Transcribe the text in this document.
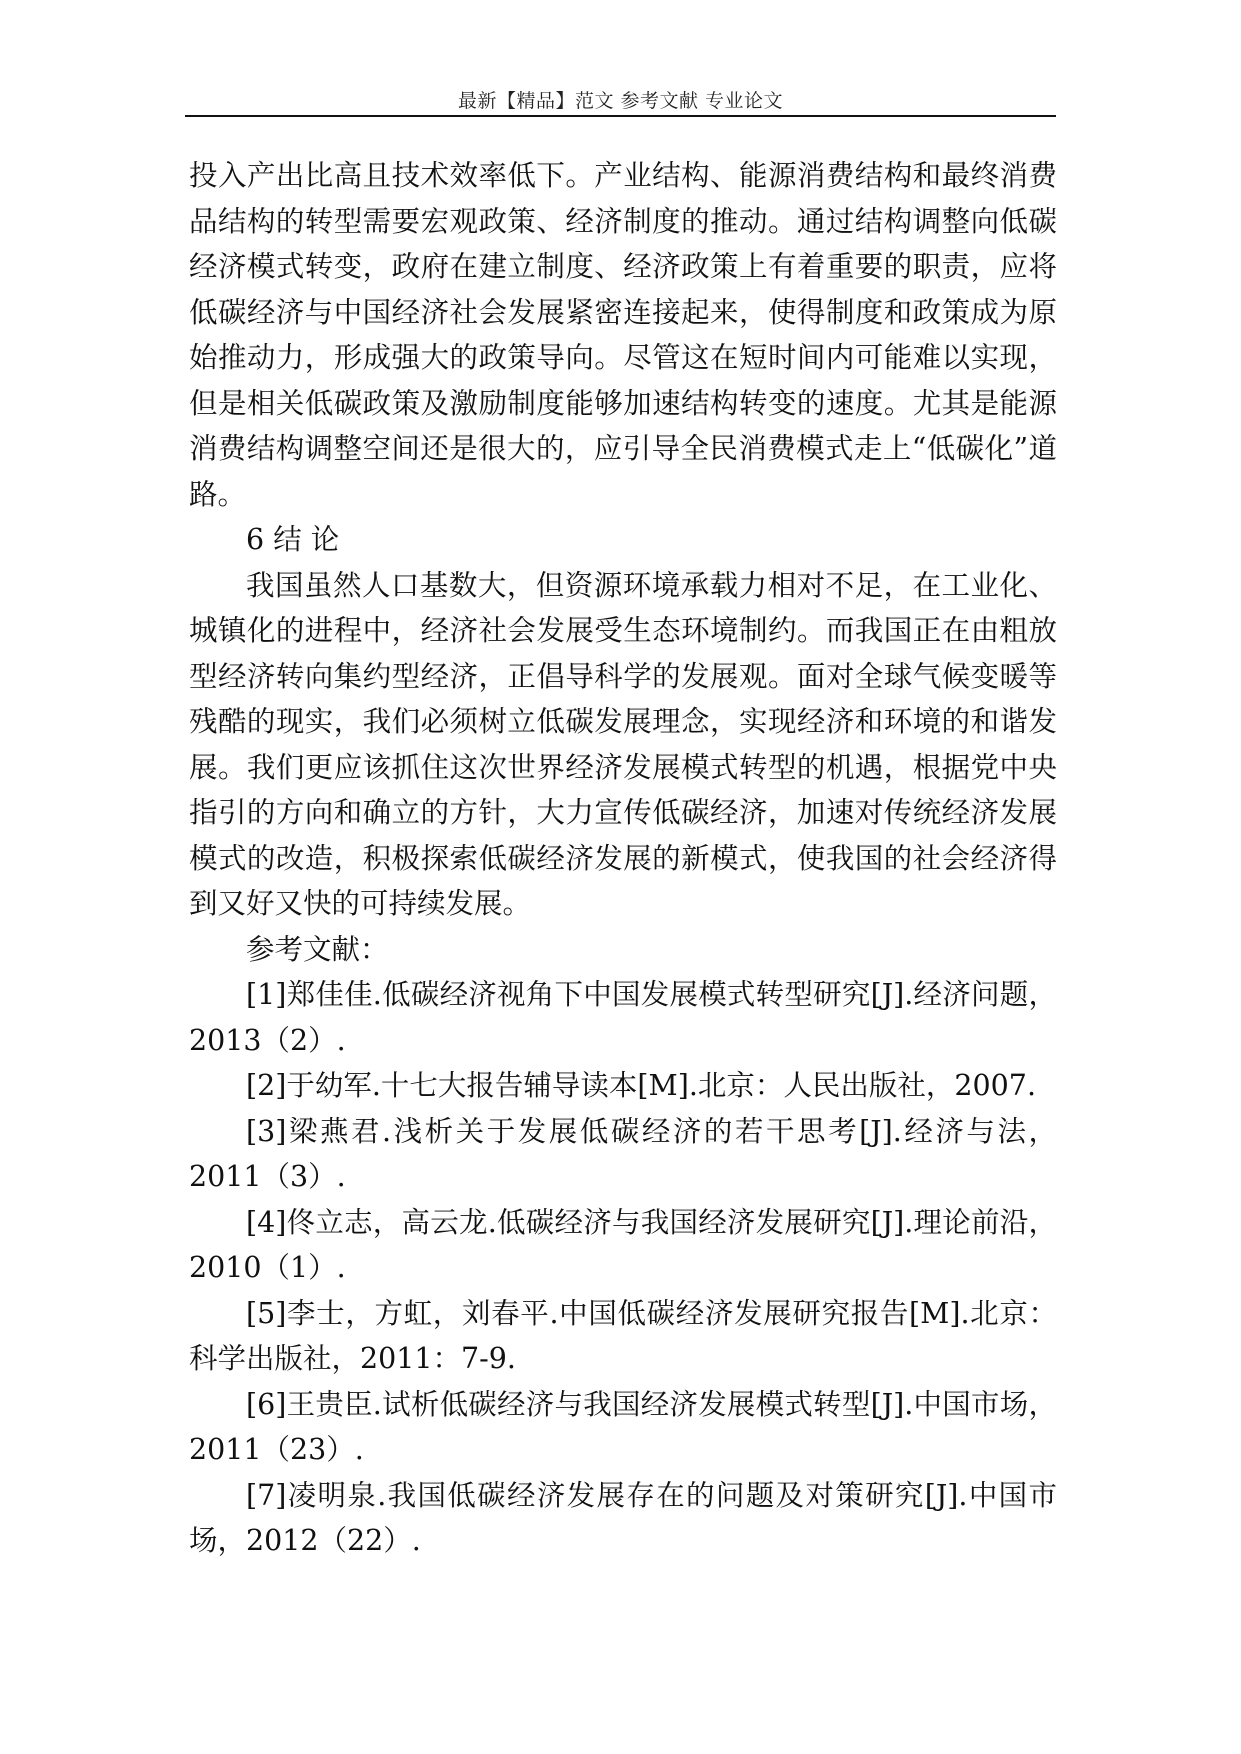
最新【精品】范文 参考文献 专业论文

投入产出比高且技术效率低下。产业结构、能源消费结构和最终消费品结构的转型需要宏观政策、经济制度的推动。通过结构调整向低碳经济模式转变，政府在建立制度、经济政策上有着重要的职责，应将低碳经济与中国经济社会发展紧密连接起来，使得制度和政策成为原始推动力，形成强大的政策导向。尽管这在短时间内可能难以实现，但是相关低碳政策及激励制度能够加速结构转变的速度。尤其是能源消费结构调整空间还是很大的，应引导全民消费模式走上“低碳化”道路。

6 结 论

我国虽然人口基数大，但资源环境承载力相对不足，在工业化、城镇化的进程中，经济社会发展受生态环境制约。而我国正在由粗放型经济转向集约型经济，正倡导科学的发展观。面对全球气候变暖等残酷的现实，我们必须树立低碳发展理念，实现经济和环境的和谐发展。我们更应该抓住这次世界经济发展模式转型的机遇，根据党中央指引的方向和确立的方针，大力宣传低碳经济，加速对传统经济发展模式的改造，积极探索低碳经济发展的新模式，使我国的社会经济得到又好又快的可持续发展。

参考文献：

[1]郑佳佳.低碳经济视角下中国发展模式转型研究[J].经济问题，2013（2）.

[2]于幼军.十七大报告辅导读本[M].北京：人民出版社，2007.

[3]梁燕君.浅析关于发展低碳经济的若干思考[J].经济与法，2011（3）.

[4]佟立志，高云龙.低碳经济与我国经济发展研究[J].理论前沿，2010（1）.

[5]李士，方虹，刘春平.中国低碳经济发展研究报告[M].北京：科学出版社，2011：7-9.

[6]王贵臣.试析低碳经济与我国经济发展模式转型[J].中国市场，2011（23）.

[7]凌明泉.我国低碳经济发展存在的问题及对策研究[J].中国市场，2012（22）.
